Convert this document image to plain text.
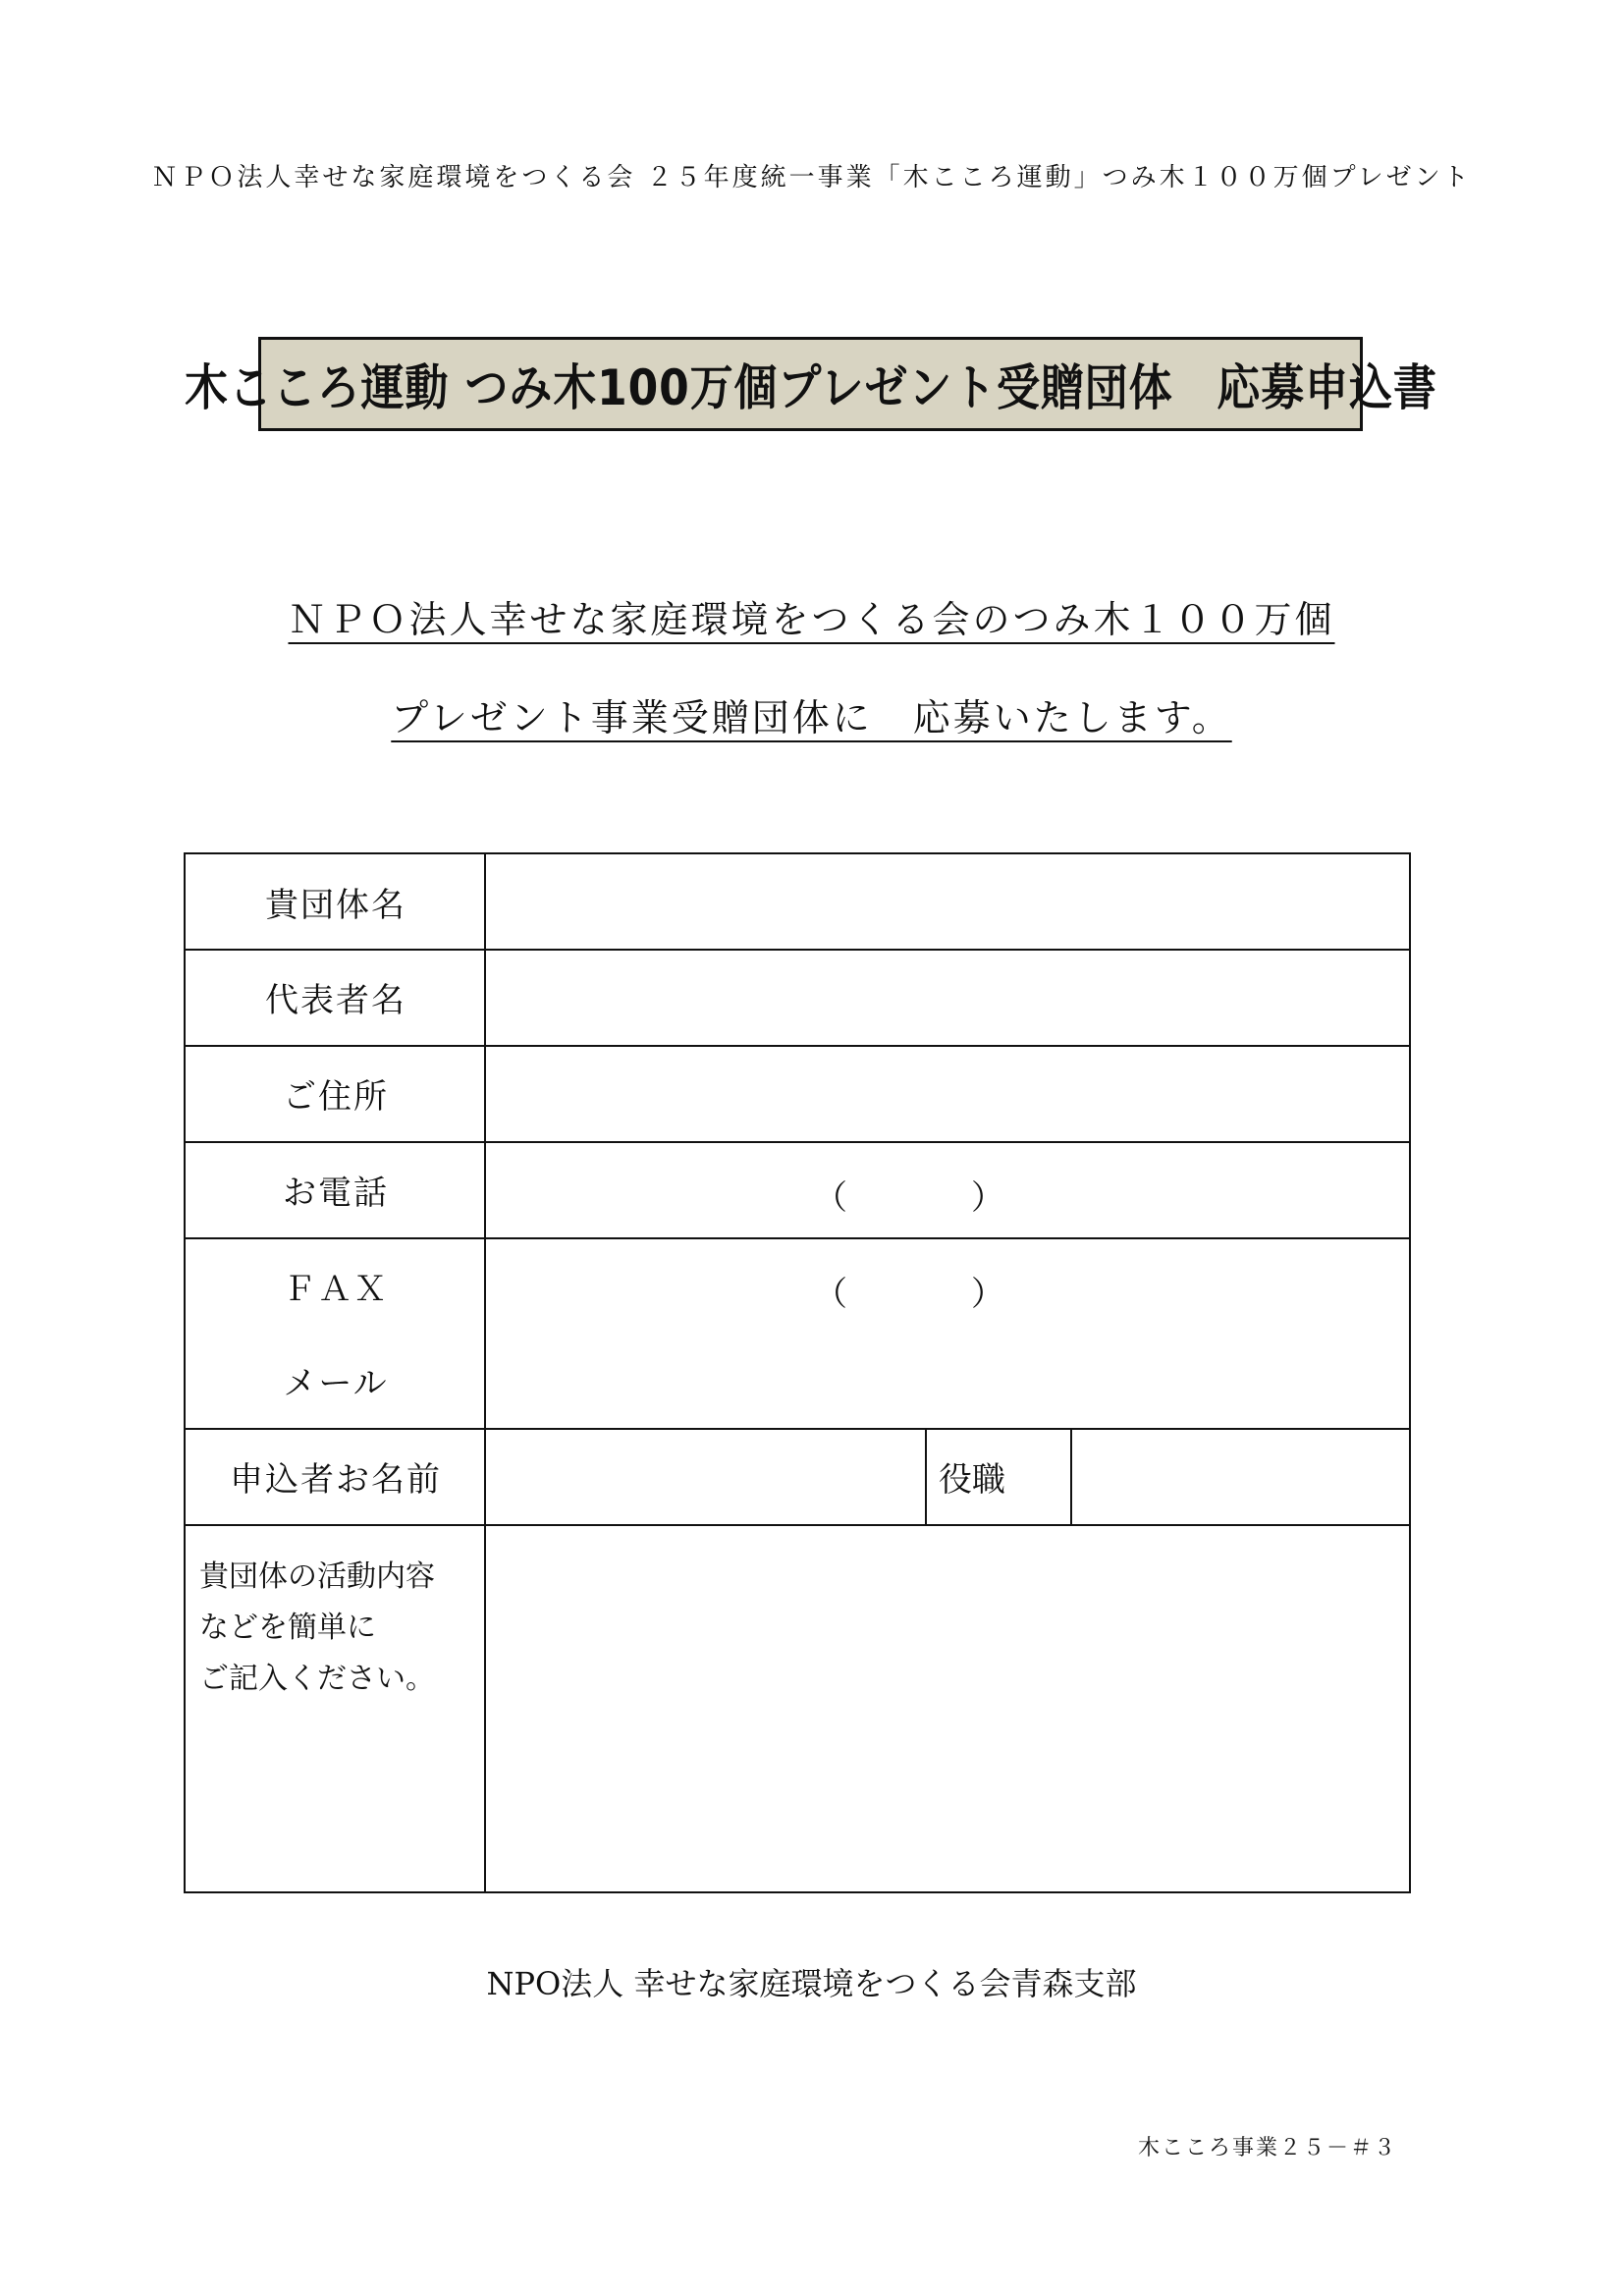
ＮＰＯ法人幸せな家庭環境をつくる会 ２５年度統一事業「木こころ運動」つみ木１００万個プレゼント
木こころ運動 つみ木100万個プレゼント受贈団体　応募申込書
ＮＰＯ法人幸せな家庭環境をつくる会のつみ木１００万個
プレゼント事業受贈団体に　応募いたします。
貴団体名
代表者名
ご住所
お電話
ＦＡＸ
メール
申込者お名前
（	）
（	）
役職
貴団体の活動内容
などを簡単に
ご記入ください。
NPO法人 幸せな家庭環境をつくる会青森支部
木こころ事業２５－＃３
